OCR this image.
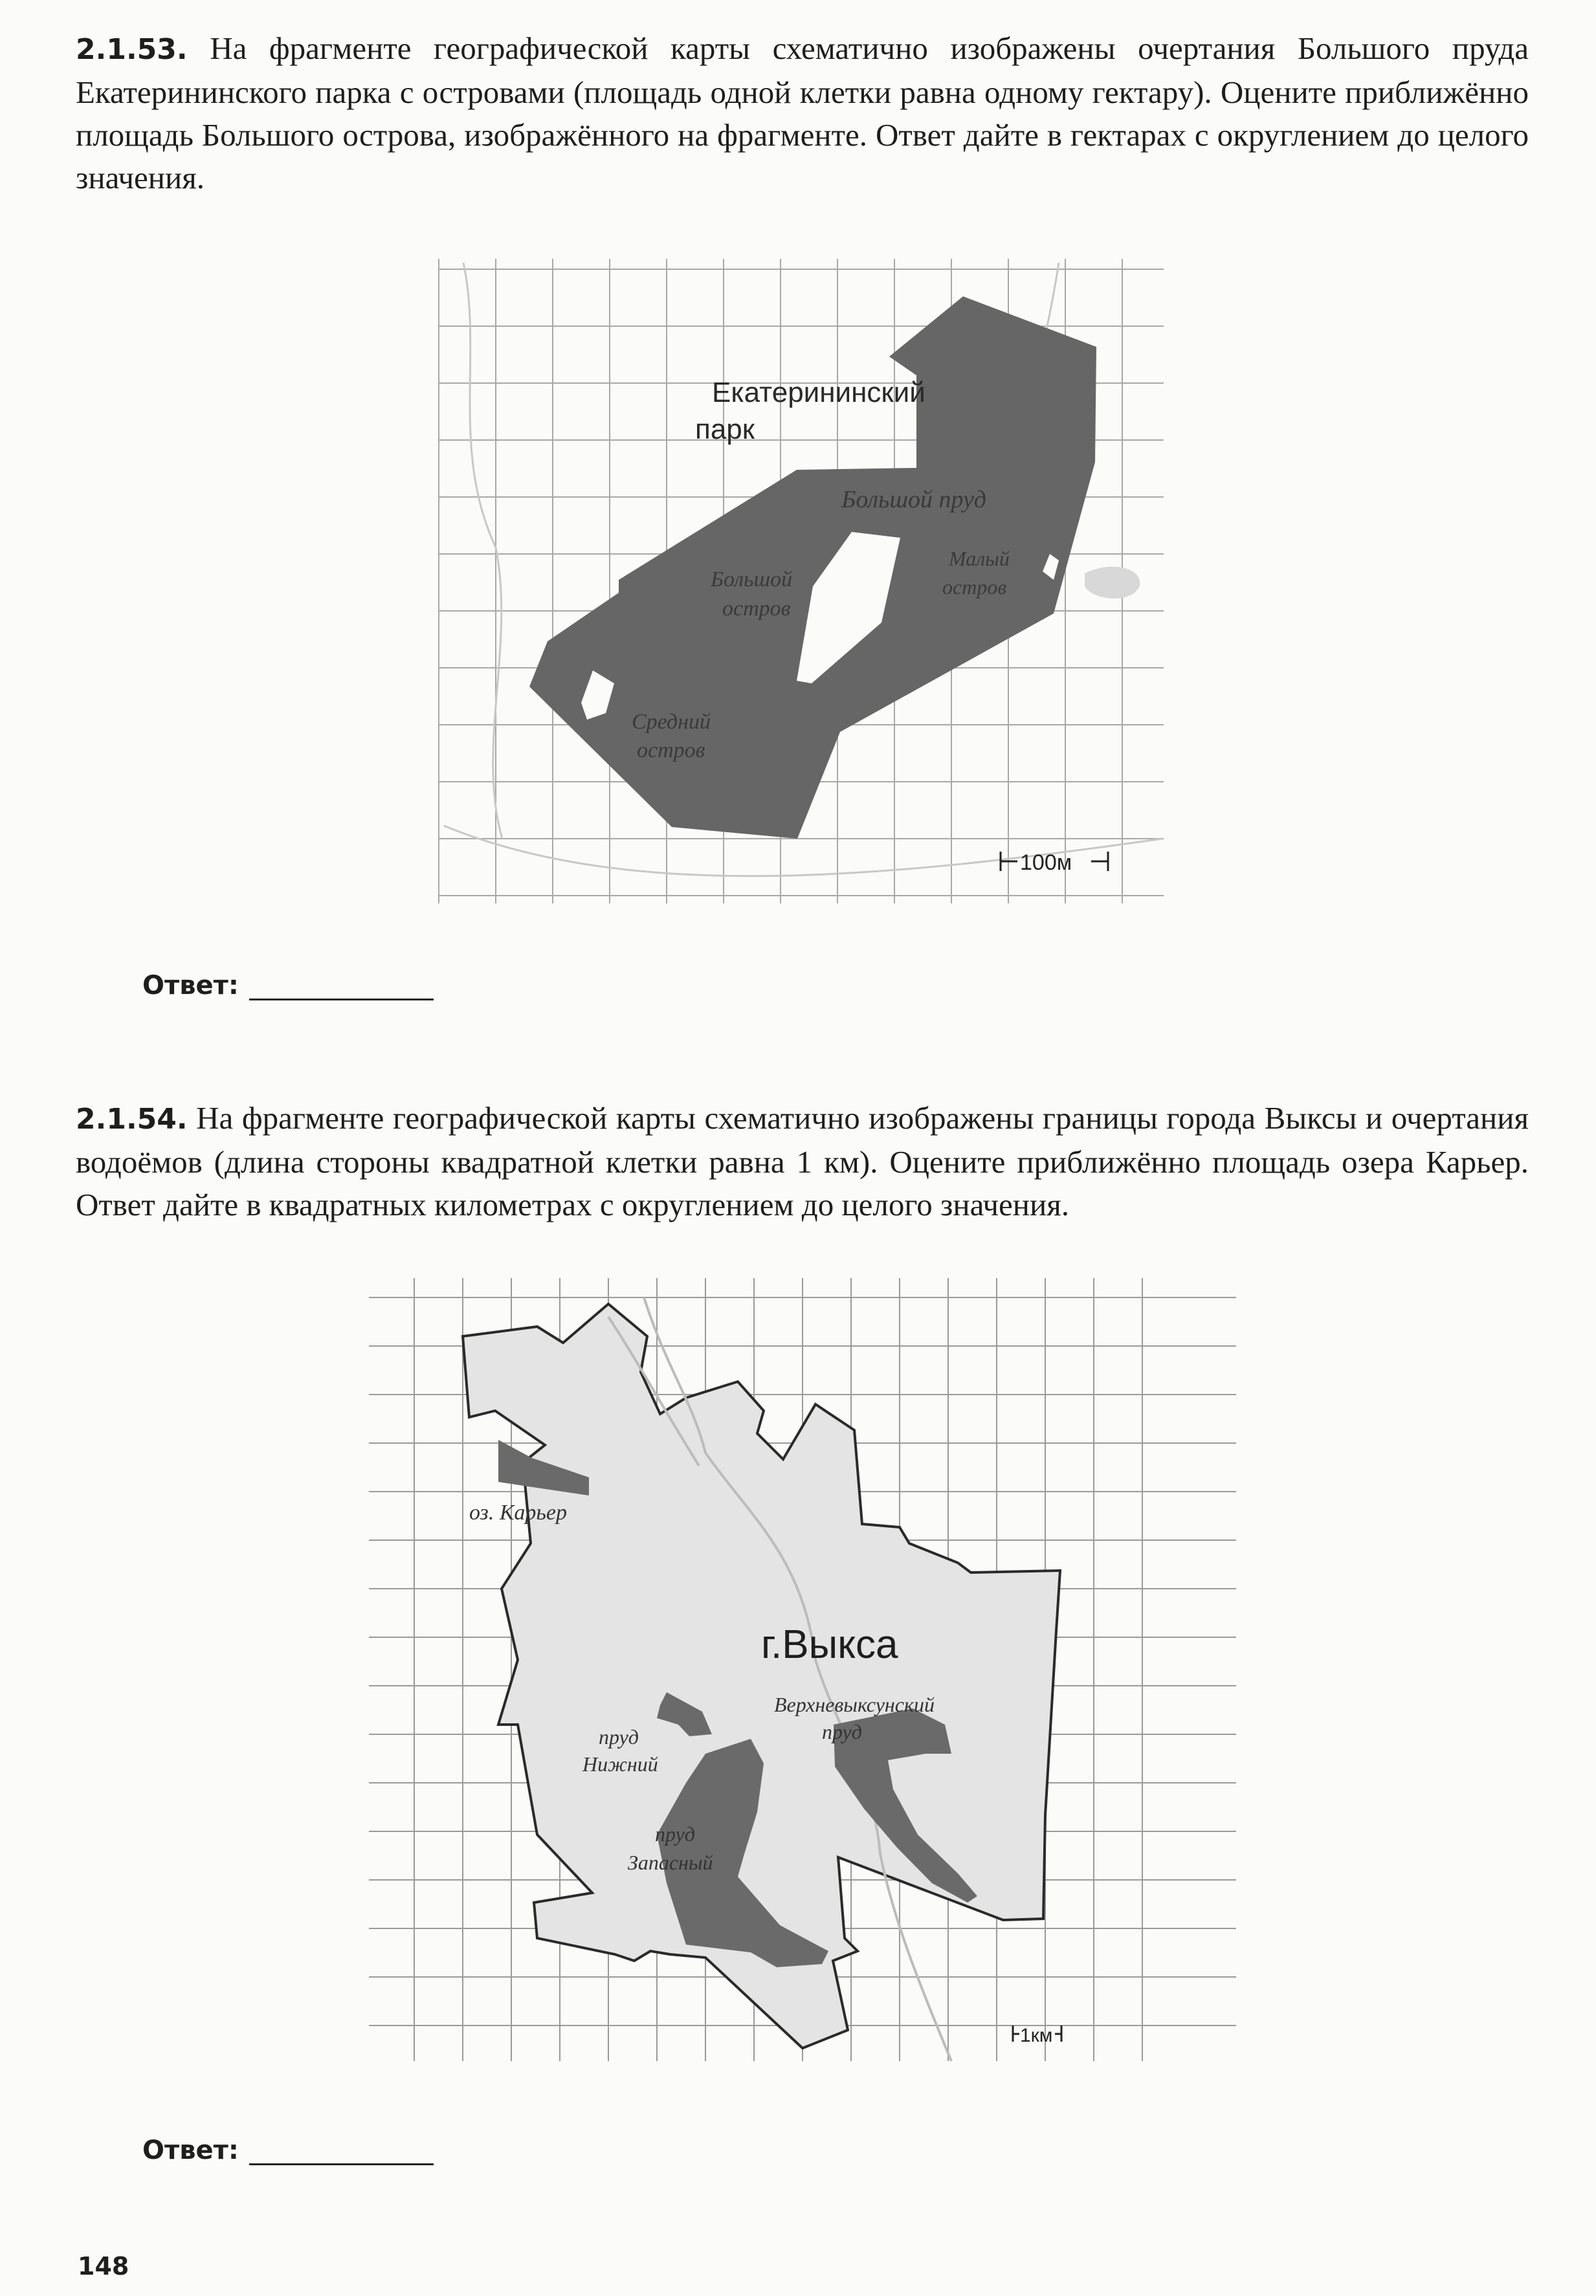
2.1.53. На фрагменте географической карты схематично изображены очертания Большого пруда Екатерининского парка с островами (площадь одной клетки равна одному гектару). Оцените приближённо площадь Большого острова, изображённого на фрагменте. Ответ дайте в гектарах с округлением до целого значения.
Екатерининский
парк
Большой пруд
Большой
остров
Малый
остров
Средний
остров
100м
Ответ:
2.1.54. На фрагменте географической карты схематично изображены границы города Выксы и очертания водоёмов (длина стороны квадратной клетки равна 1 км). Оцените приближённо площадь озера Карьер. Ответ дайте в квадратных километрах с округлением до целого значения.
оз. Карьер
г.Выкса
Верхневыксунский
пруд
пруд
Нижний
пруд
Запасный
1км
Ответ:
148
